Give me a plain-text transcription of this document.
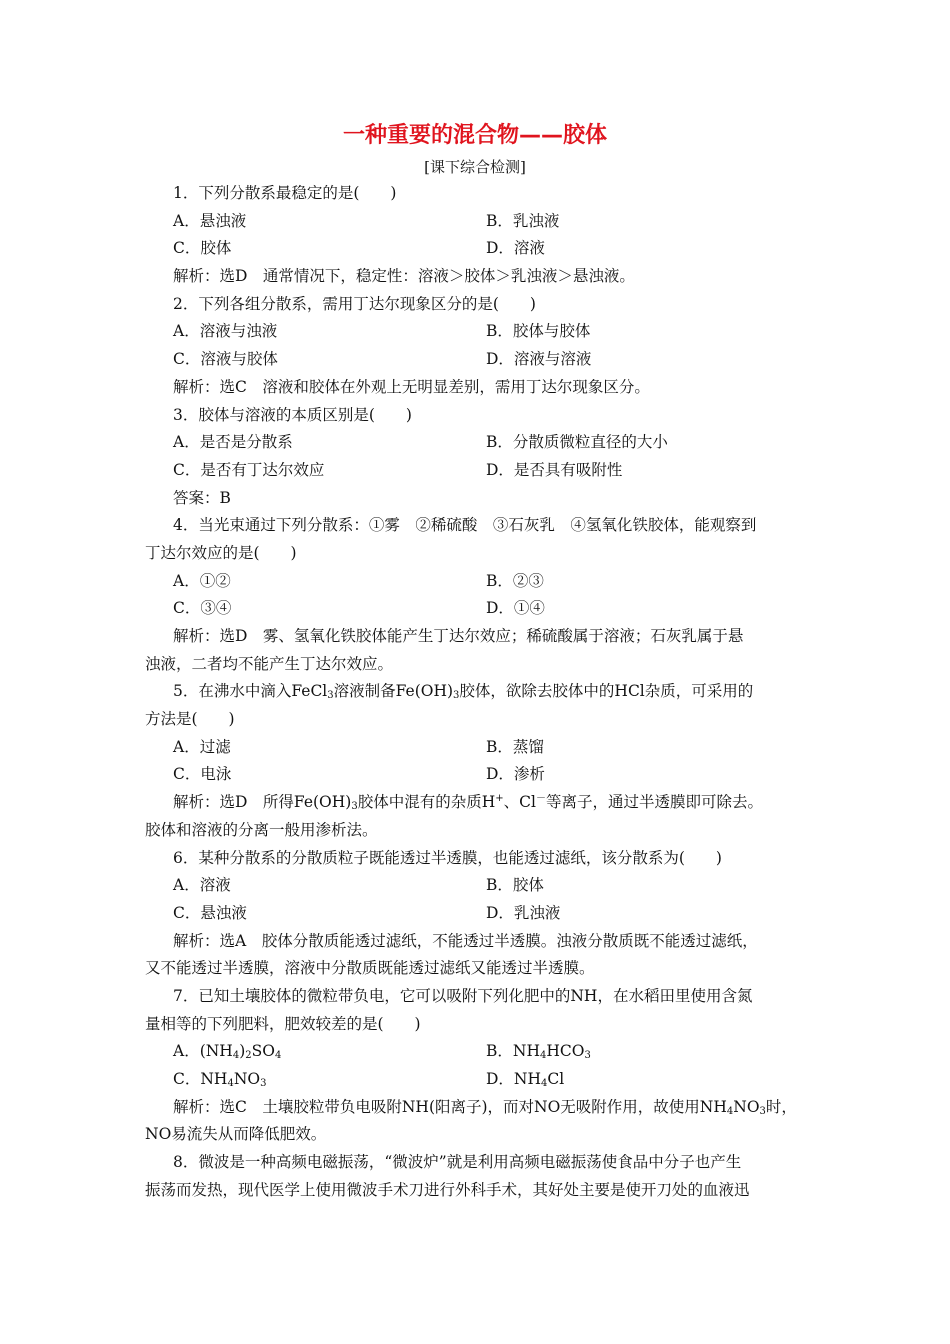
一种重要的混合物——胶体
[课下综合检测]
1．下列分散系最稳定的是(　　)
A．悬浊液	B．乳浊液
C．胶体	D．溶液
解析：选D　通常情况下，稳定性：溶液＞胶体＞乳浊液＞悬浊液。
2．下列各组分散系，需用丁达尔现象区分的是(　　)
A．溶液与浊液	B．胶体与胶体
C．溶液与胶体	D．溶液与溶液
解析：选C　溶液和胶体在外观上无明显差别，需用丁达尔现象区分。
3．胶体与溶液的本质区别是(　　)
A．是否是分散系	B．分散质微粒直径的大小
C．是否有丁达尔效应	D．是否具有吸附性
答案：B
4．当光束通过下列分散系：①雾　②稀硫酸　③石灰乳　④氢氧化铁胶体，能观察到
丁达尔效应的是(　　)
A．①②	B．②③
C．③④	D．①④
解析：选D　雾、氢氧化铁胶体能产生丁达尔效应；稀硫酸属于溶液；石灰乳属于悬
浊液，二者均不能产生丁达尔效应。
5．在沸水中滴入FeCl$_3$溶液制备$Fe(OH)_3$胶体，欲除去胶体中的HCl杂质，可采用的
方法是(　　)
A．过滤	B．蒸馏
C．电泳	D．渗析
解析：选D　所得$Fe(OH)_3$胶体中混有的杂质H+、Cl－等离子，通过半透膜即可除去。
胶体和溶液的分离一般用渗析法。
6．某种分散系的分散质粒子既能透过半透膜，也能透过滤纸，该分散系为(　　)
A．溶液	B．胶体
C．悬浊液	D．乳浊液
解析：选A　胶体分散质能透过滤纸，不能透过半透膜。浊液分散质既不能透过滤纸，
又不能透过半透膜，溶液中分散质既能透过滤纸又能透过半透膜。
7．已知土壤胶体的微粒带负电，它可以吸附下列化肥中的NH，在水稻田里使用含氮
量相等的下列肥料，肥效较差的是(　　)
A．$(NH_4)_2SO_4$	B．$NH_4HCO_3$
C．$NH_4NO_3$	D．$NH_4Cl$
解析：选C　土壤胶粒带负电吸附NH(阳离子)，而对NO无吸附作用，故使用$NH_4NO_3$时，
NO易流失从而降低肥效。
8．微波是一种高频电磁振荡，“微波炉”就是利用高频电磁振荡使食品中分子也产生
振荡而发热，现代医学上使用微波手术刀进行外科手术，其好处主要是使开刀处的血液迅
